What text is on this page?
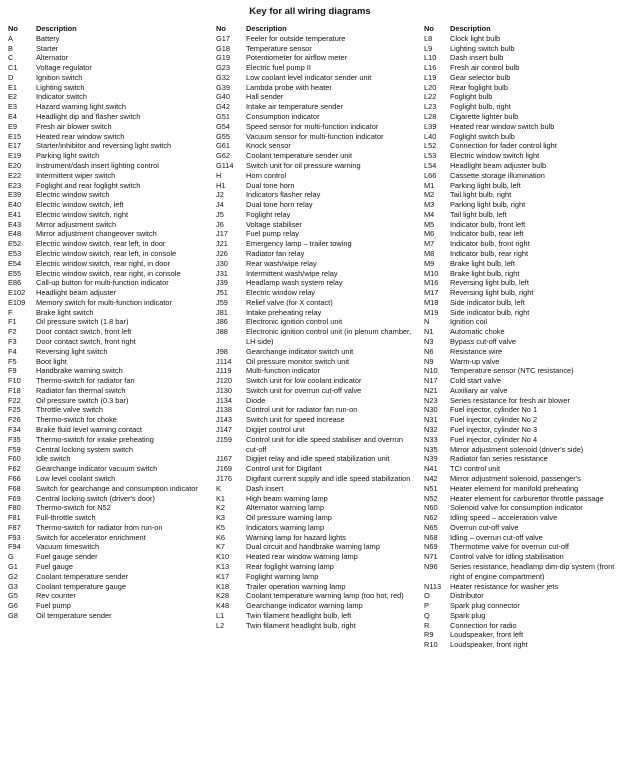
Key for all wiring diagrams
No	Description
A	Battery
B	Starter
C	Alternator
C1	Voltage regulator
D	Ignition switch
E1	Lighting switch
E2	Indicator switch
E3	Hazard warning light switch
E4	Headlight dip and flasher switch
E9	Fresh air blower switch
E15	Heated rear window switch
E17	Starter/inhibitor and reversing light switch
E19	Parking light switch
E20	Instrument/dash insert lighting control
E22	Intermittent wiper switch
E23	Foglight and rear foglight switch
E39	Electric window switch
E40	Electric window switch, left
E41	Electric window switch, right
E43	Mirror adjustment switch
E48	Mirror adjustment changeover switch
E52	Electric window switch, rear left, in door
E53	Electric window switch, rear left, in console
E54	Electric window switch, rear right, in door
E55	Electric window switch, rear right, in console
E86	Call-up button for multi-function indicator
E102	Headlight beam adjuster
E109	Memory switch for multi-function indicator
F	Brake light switch
F1	Oil pressure switch (1.8 bar)
F2	Door contact switch, front left
F3	Door contact switch, front right
F4	Reversing light switch
F5	Boot light
F9	Handbrake warning switch
F10	Thermo-switch for radiator fan
F18	Radiator fan thermal switch
F22	Oil pressure switch (0.3 bar)
F25	Throttle valve switch
F26	Thermo-switch for choke
F34	Brake fluid level warning contact
F35	Thermo-switch for intake preheating
F59	Central locking system switch
F60	Idle switch
F62	Gearchange indicator vacuum switch
F66	Low level coolant switch
F68	Switch for gearchange and consumption indicator
F69	Central locking switch (driver's door)
F80	Thermo-switch for N52
F81	Full-throttle switch
F87	Thermo-switch for radiator from run-on
F93	Switch for accelerator enrichment
F94	Vacuum timeswitch
G	Fuel gauge sender
G1	Fuel gauge
G2	Coolant temperature sender
G3	Coolant temperature gauge
G5	Rev counter
G6	Fuel pump
G8	Oil temperature sender
No	Description
G17	Feeler for outside temperature
G18	Temperature sensor
G19	Potentiometer for airflow meter
G23	Electric fuel pump II
G32	Low coolant level indicator sender unit
G39	Lambda probe with heater
G40	Hall sender
G42	Intake air temperature sender
G51	Consumption indicator
G54	Speed sensor for multi-function indicator
G55	Vacuum sensor for multi-function indicator
G61	Knock sensor
G62	Coolant temperature sender unit
G114	Switch unit for oil pressure warning
H	Horn control
H1	Dual tone horn
J2	Indicators flasher relay
J4	Dual tone horn relay
J5	Foglight relay
J6	Voltage stabiliser
J17	Fuel pump relay
J21	Emergency lamp – trailer towing
J26	Radiator fan relay
J30	Rear wash/wipe relay
J31	Intermittent wash/wipe relay
J39	Headlamp wash system relay
J51	Electric window relay
J59	Relief valve (for X contact)
J81	Intake preheating relay
J86	Electronic ignition control unit
J88	Electronic ignition control unit (in plenum chamber, LH side)
J98	Gearchange indicator switch unit
J114	Oil pressure monitor switch unit
J119	Multi-function indicator
J120	Switch unit for low coolant indicator
J130	Switch unit for overrun cut-off valve
J134	Diode
J138	Control unit for radiator fan run-on
J143	Switch unit for speed increase
J147	Digijet control unit
J159	Control unit for idle speed stabiliser and overrun cut-off
J167	Digijet relay and idle speed stabilization unit
J169	Control unit for Digifant
J176	Digifant current supply and idle speed stabilization
K	Dash insert
K1	High beam warning lamp
K2	Alternator warning lamp
K3	Oil pressure warning lamp
K5	Indicators warning lamp
K6	Warning lamp for hazard lights
K7	Dual circuit and handbrake warning lamp
K10	Heated rear window warning lamp
K13	Rear foglight warning lamp
K17	Foglight warning lamp
K18	Trailer operation warning lamp
K28	Coolant temperature warning lamp (too hot, red)
K48	Gearchange indicator warning lamp
L1	Twin filament headlight bulb, left
L2	Twin filament headlight bulb, right
No	Description
L8	Clock light bulb
L9	Lighting switch bulb
L10	Dash insert bulb
L16	Fresh air control bulb
L19	Gear selector bulb
L20	Rear foglight bulb
L22	Foglight bulb
L23	Foglight bulb, right
L28	Cigarette lighter bulb
L39	Heated rear window switch bulb
L40	Foglight switch bulb
L52	Connection for fader control light
L53	Electric window switch light
L54	Headlight beam adjuster bulb
L66	Cassette storage illumination
M1	Parking light bulb, left
M2	Tail light bulb, right
M3	Parking light bulb, right
M4	Tail light bulb, left
M5	Indicator bulb, front left
M6	Indicator bulb, rear left
M7	Indicator bulb, front right
M8	Indicator bulb, rear right
M9	Brake light bulb, left
M10	Brake light bulb, right
M16	Reversing light bulb, left
M17	Reversing light bulb, right
M18	Side indicator bulb, left
M19	Side indicator bulb, right
N	Ignition coil
N1	Automatic choke
N3	Bypass cut-off valve
N6	Resistance wire
N9	Warm-up valve
N10	Temperature sensor (NTC resistance)
N17	Cold start valve
N21	Auxiliary air valve
N23	Series resistance for fresh air blower
N30	Fuel injector, cylinder No 1
N31	Fuel injector, cylinder No 2
N32	Fuel injector, cylinder No 3
N33	Fuel injector, cylinder No 4
N35	Mirror adjustment solenoid (driver's side)
N39	Radiator fan series resistance
N41	TCI control unit
N42	Mirror adjustment solenoid, passenger's
N51	Heater element for manifold preheating
N52	Heater element for carburettor throttle passage
N60	Solenoid valve for consumption indicator
N62	Idling speed – acceleration valve
N65	Overrun cut-off valve
N68	Idling – overrun cut-off valve
N69	Thermotime valve for overrun cut-off
N71	Control valve for idling stabilisation
N96	Series resistance, headlamp dim-dip system (front right of engine compartment)
N113	Heater resistance for washer jets
O	Distributor
P	Spark plug connector
Q	Spark plug
R	Connection for radio
R9	Loudspeaker, front left
R10	Loudspeaker, front right
